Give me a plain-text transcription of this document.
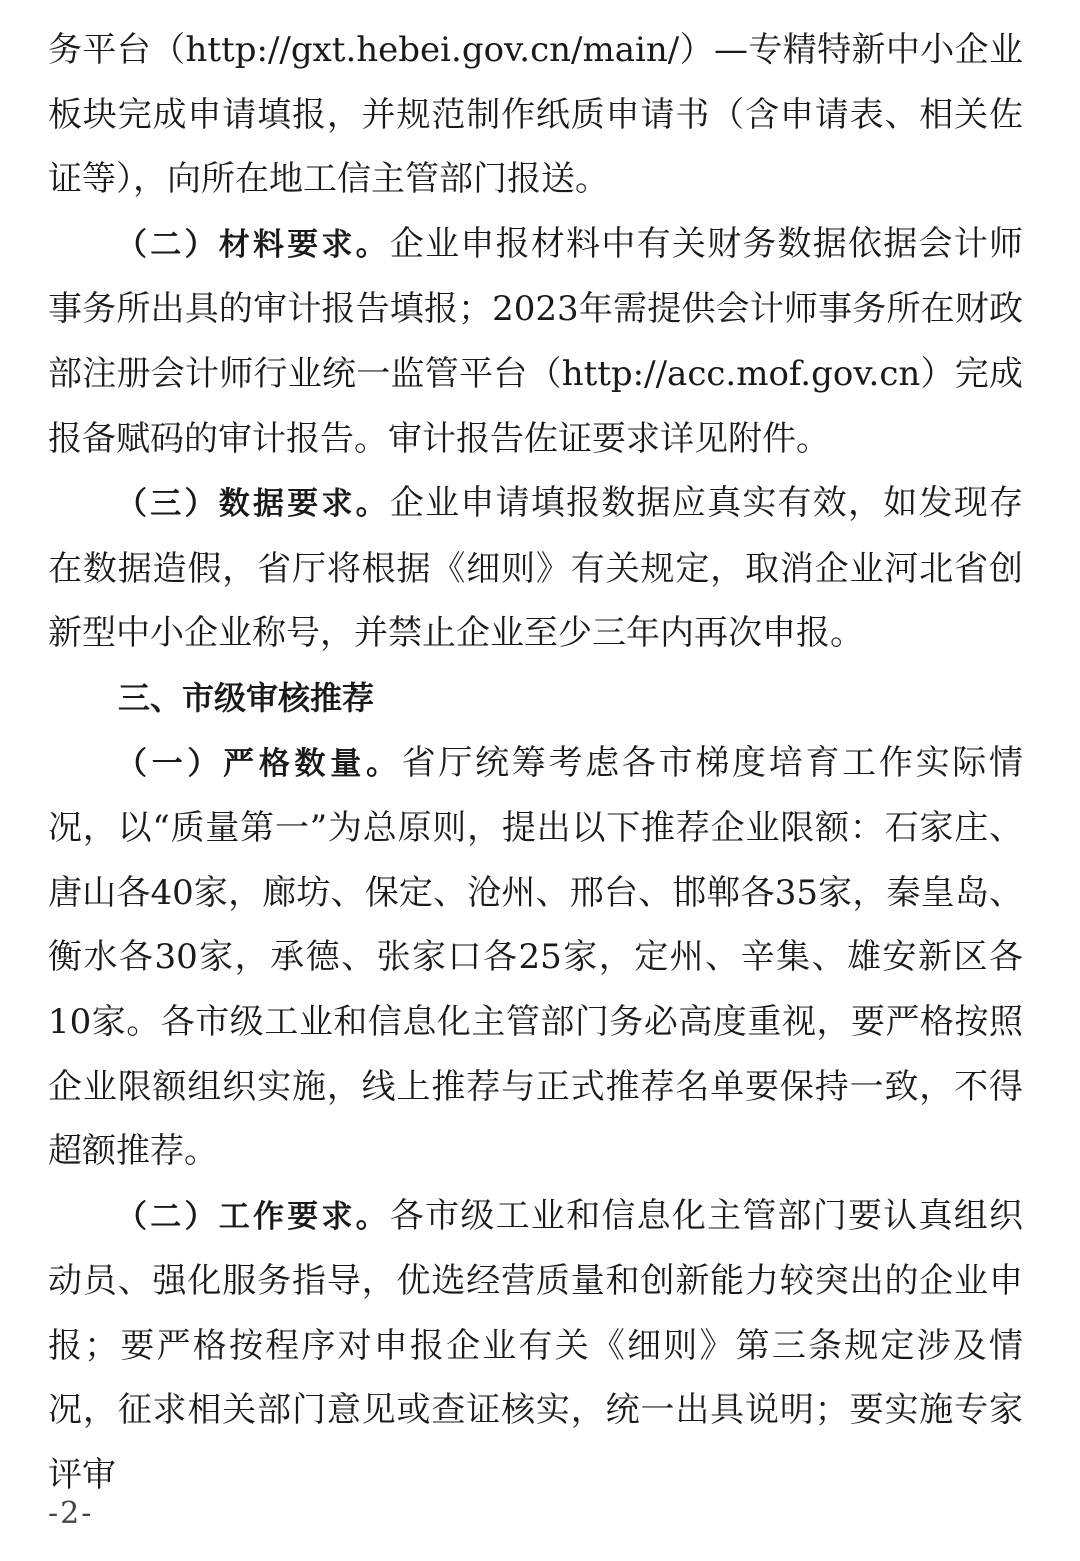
务平台（http://gxt.hebei.gov.cn/main/）—专精特新中小企业板块完成申请填报，并规范制作纸质申请书（含申请表、相关佐证等），向所在地工信主管部门报送。

（二）材料要求。企业申报材料中有关财务数据依据会计师事务所出具的审计报告填报；2023年需提供会计师事务所在财政部注册会计师行业统一监管平台（http://acc.mof.gov.cn）完成报备赋码的审计报告。审计报告佐证要求详见附件。

（三）数据要求。企业申请填报数据应真实有效，如发现存在数据造假，省厅将根据《细则》有关规定，取消企业河北省创新型中小企业称号，并禁止企业至少三年内再次申报。

三、市级审核推荐

（一）严格数量。省厅统筹考虑各市梯度培育工作实际情况，以“质量第一”为总原则，提出以下推荐企业限额：石家庄、唐山各40家，廊坊、保定、沧州、邢台、邯郸各35家，秦皇岛、衡水各30家，承德、张家口各25家，定州、辛集、雄安新区各10家。各市级工业和信息化主管部门务必高度重视，要严格按照企业限额组织实施，线上推荐与正式推荐名单要保持一致，不得超额推荐。

（二）工作要求。各市级工业和信息化主管部门要认真组织动员、强化服务指导，优选经营质量和创新能力较突出的企业申报；要严格按程序对申报企业有关《细则》第三条规定涉及情况，征求相关部门意见或查证核实，统一出具说明；要实施专家评审

-2-
